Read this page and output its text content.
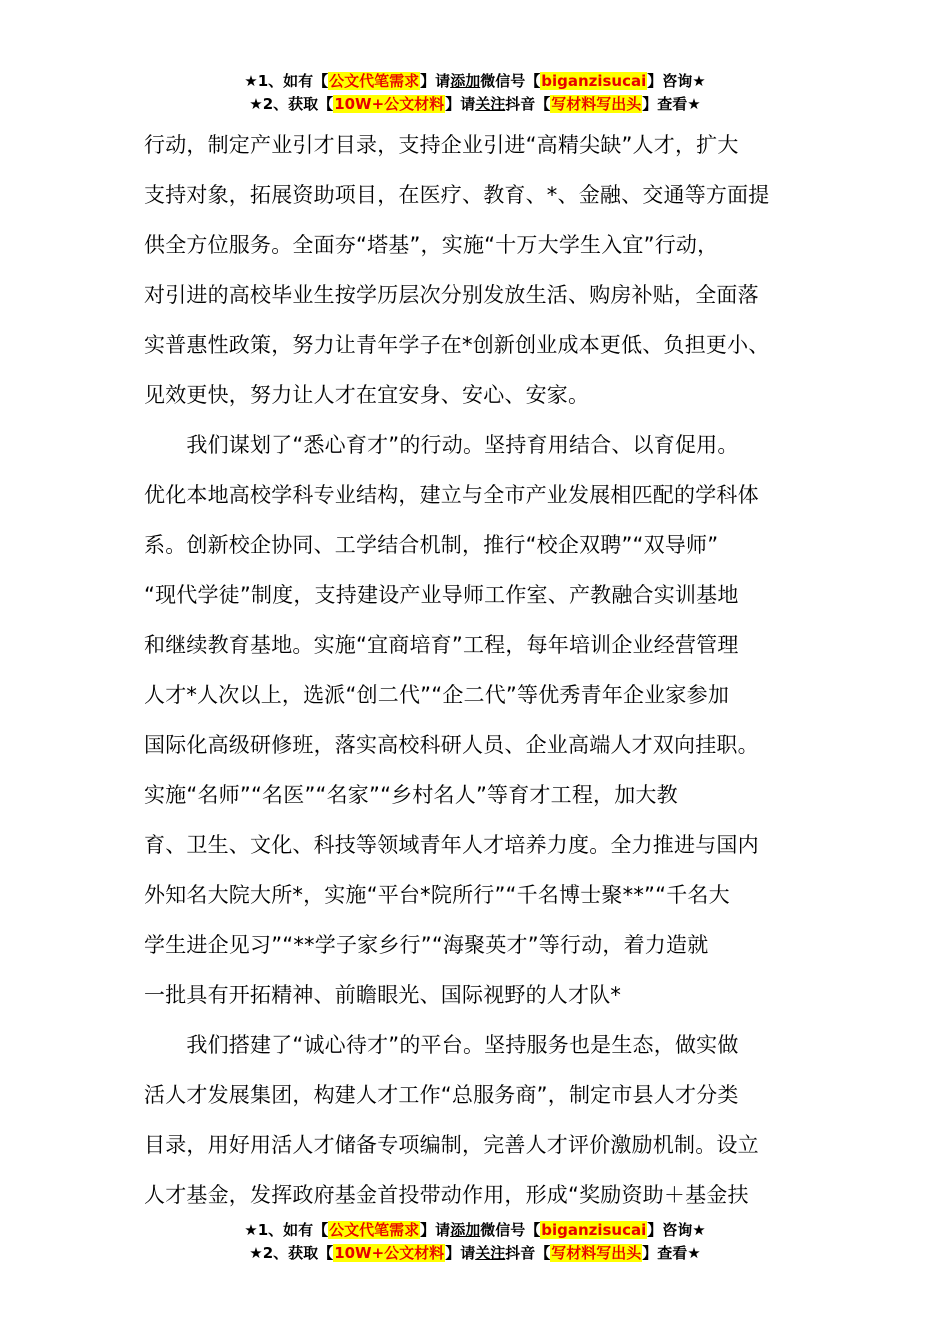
★1、如有【公文代笔需求】请添加微信号【biganzisucai】咨询★
★2、获取【10W+公文材料】请关注抖音【写材料写出头】查看★
行动，制定产业引才目录，支持企业引进“高精尖缺”人才，扩大
支持对象，拓展资助项目，在医疗、教育、*、金融、交通等方面提
供全方位服务。全面夯“塔基”，实施“十万大学生入宜”行动，
对引进的高校毕业生按学历层次分别发放生活、购房补贴，全面落
实普惠性政策，努力让青年学子在*创新创业成本更低、负担更小、
见效更快，努力让人才在宜安身、安心、安家。
　　我们谋划了“悉心育才”的行动。坚持育用结合、以育促用。
优化本地高校学科专业结构，建立与全市产业发展相匹配的学科体
系。创新校企协同、工学结合机制，推行“校企双聘”“双导师”
“现代学徒”制度，支持建设产业导师工作室、产教融合实训基地
和继续教育基地。实施“宜商培育”工程，每年培训企业经营管理
人才*人次以上，选派“创二代”“企二代”等优秀青年企业家参加
国际化高级研修班，落实高校科研人员、企业高端人才双向挂职。
实施“名师”“名医”“名家”“乡村名人”等育才工程，加大教
育、卫生、文化、科技等领域青年人才培养力度。全力推进与国内
外知名大院大所*，实施“平台*院所行”“千名博士聚**”“千名大
学生进企见习”“**学子家乡行”“海聚英才”等行动，着力造就
一批具有开拓精神、前瞻眼光、国际视野的人才队*
　　我们搭建了“诚心待才”的平台。坚持服务也是生态，做实做
活人才发展集团，构建人才工作“总服务商”，制定市县人才分类
目录，用好用活人才储备专项编制，完善人才评价激励机制。设立
人才基金，发挥政府基金首投带动作用，形成“奖励资助＋基金扶
★1、如有【公文代笔需求】请添加微信号【biganzisucai】咨询★
★2、获取【10W+公文材料】请关注抖音【写材料写出头】查看★
